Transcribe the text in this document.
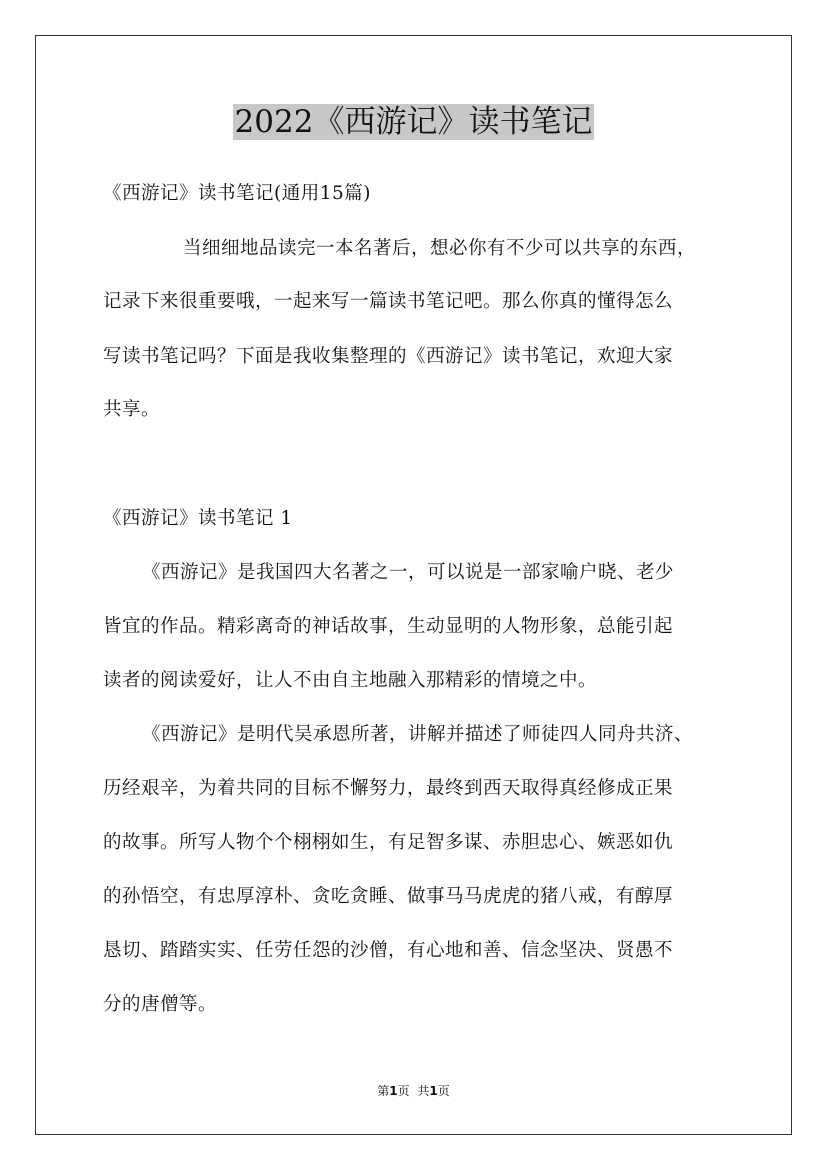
2022《西游记》读书笔记

《西游记》读书笔记(通用15篇)

当细细地品读完一本名著后，想必你有不少可以共享的东西，

记录下来很重要哦，一起来写一篇读书笔记吧。那么你真的懂得怎么

写读书笔记吗？下面是我收集整理的《西游记》读书笔记，欢迎大家

共享。

《西游记》读书笔记 1

《西游记》是我国四大名著之一，可以说是一部家喻户晓、老少

皆宜的作品。精彩离奇的神话故事，生动显明的人物形象，总能引起

读者的阅读爱好，让人不由自主地融入那精彩的情境之中。

《西游记》是明代吴承恩所著，讲解并描述了师徒四人同舟共济、

历经艰辛，为着共同的目标不懈努力，最终到西天取得真经修成正果

的故事。所写人物个个栩栩如生，有足智多谋、赤胆忠心、嫉恶如仇

的孙悟空，有忠厚淳朴、贪吃贪睡、做事马马虎虎的猪八戒，有醇厚

恳切、踏踏实实、任劳任怨的沙僧，有心地和善、信念坚决、贤愚不

分的唐僧等。

第1页 共1页
